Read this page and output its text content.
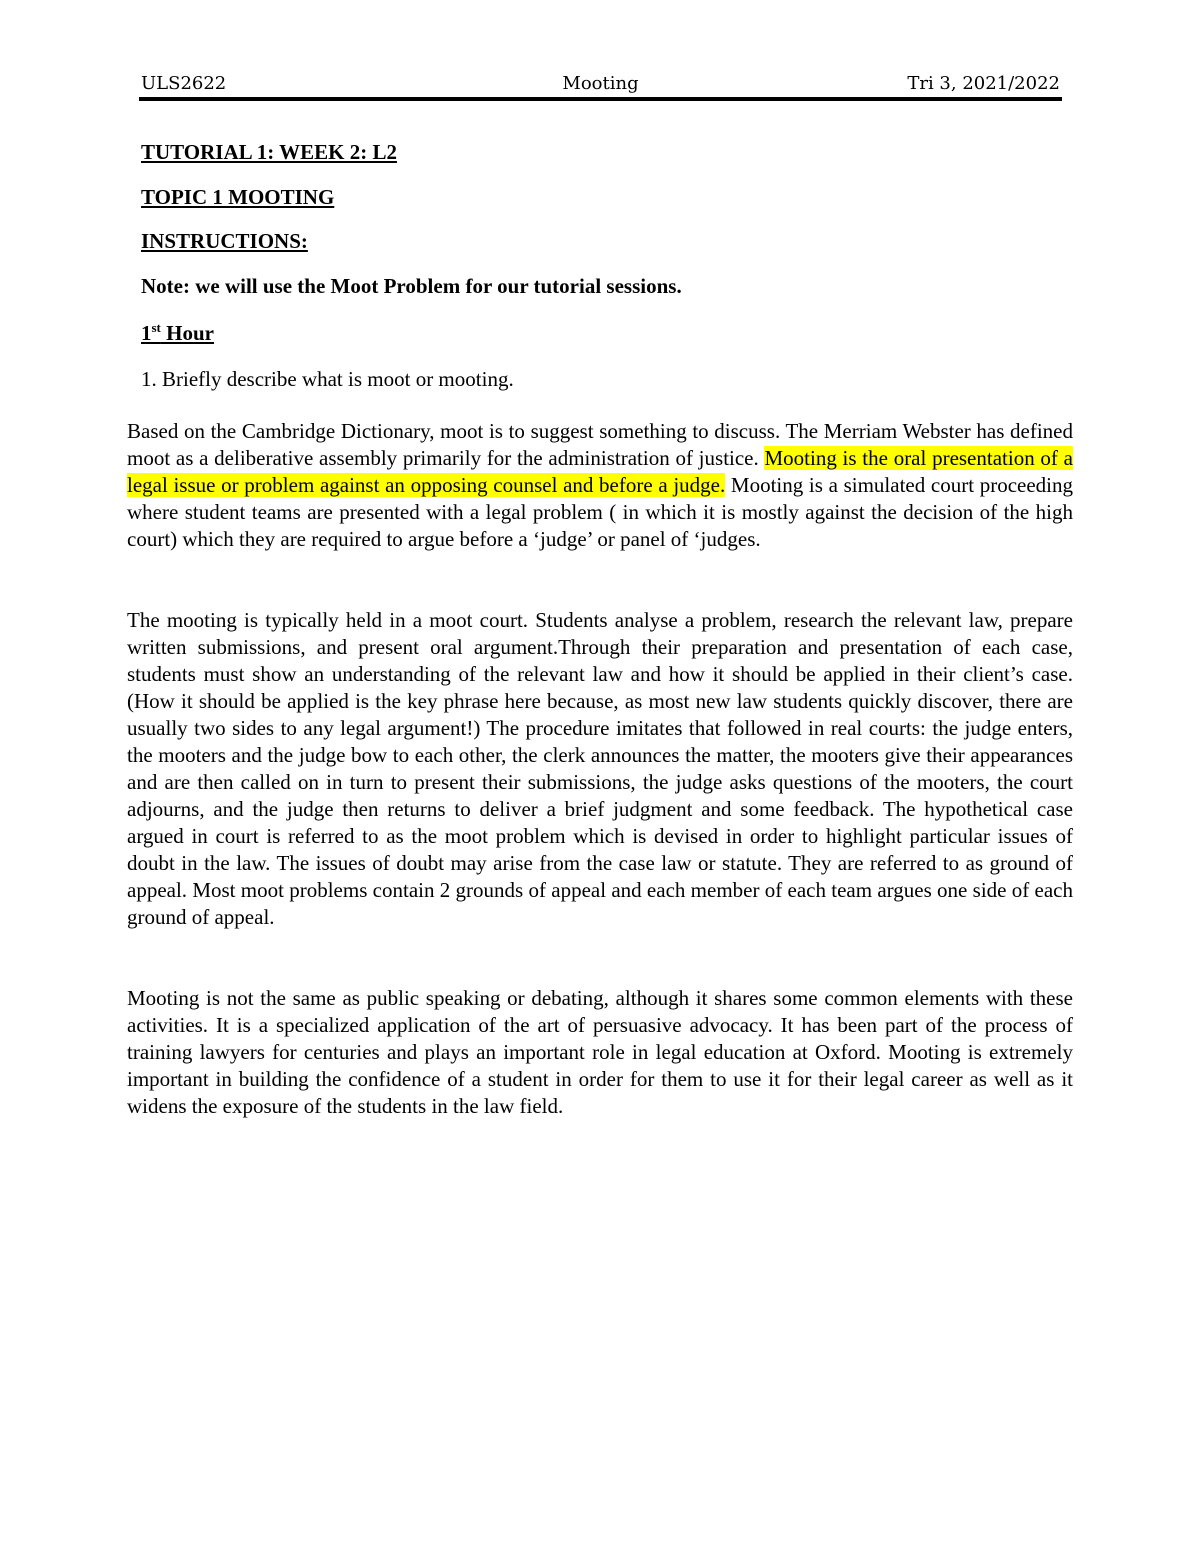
ULS2622	Mooting	Tri 3, 2021/2022
TUTORIAL 1: WEEK 2: L2
TOPIC 1 MOOTING
INSTRUCTIONS:
Note: we will use the Moot Problem for our tutorial sessions.
1st Hour
1. Briefly describe what is moot or mooting.

Based on the Cambridge Dictionary, moot is to suggest something to discuss. The Merriam Webster has defined moot as a deliberative assembly primarily for the administration of justice. Mooting is the oral presentation of a legal issue or problem against an opposing counsel and before a judge. Mooting is a simulated court proceeding where student teams are presented with a legal problem ( in which it is mostly against the decision of the high court) which they are required to argue before a ‘judge’ or panel of ‘judges.

The mooting is typically held in a moot court. Students analyse a problem, research the relevant law, prepare written submissions, and present oral argument.Through their preparation and presentation of each case, students must show an understanding of the relevant law and how it should be applied in their client’s case. (How it should be applied is the key phrase here because, as most new law students quickly discover, there are usually two sides to any legal argument!) The procedure imitates that followed in real courts: the judge enters, the mooters and the judge bow to each other, the clerk announces the matter, the mooters give their appearances and are then called on in turn to present their submissions, the judge asks questions of the mooters, the court adjourns, and the judge then returns to deliver a brief judgment and some feedback. The hypothetical case argued in court is referred to as the moot problem which is devised in order to highlight particular issues of doubt in the law. The issues of doubt may arise from the case law or statute. They are referred to as ground of appeal. Most moot problems contain 2 grounds of appeal and each member of each team argues one side of each ground of appeal.

Mooting is not the same as public speaking or debating, although it shares some common elements with these activities. It is a specialized application of the art of persuasive advocacy. It has been part of the process of training lawyers for centuries and plays an important role in legal education at Oxford. Mooting is extremely important in building the confidence of a student in order for them to use it for their legal career as well as it widens the exposure of the students in the law field.
